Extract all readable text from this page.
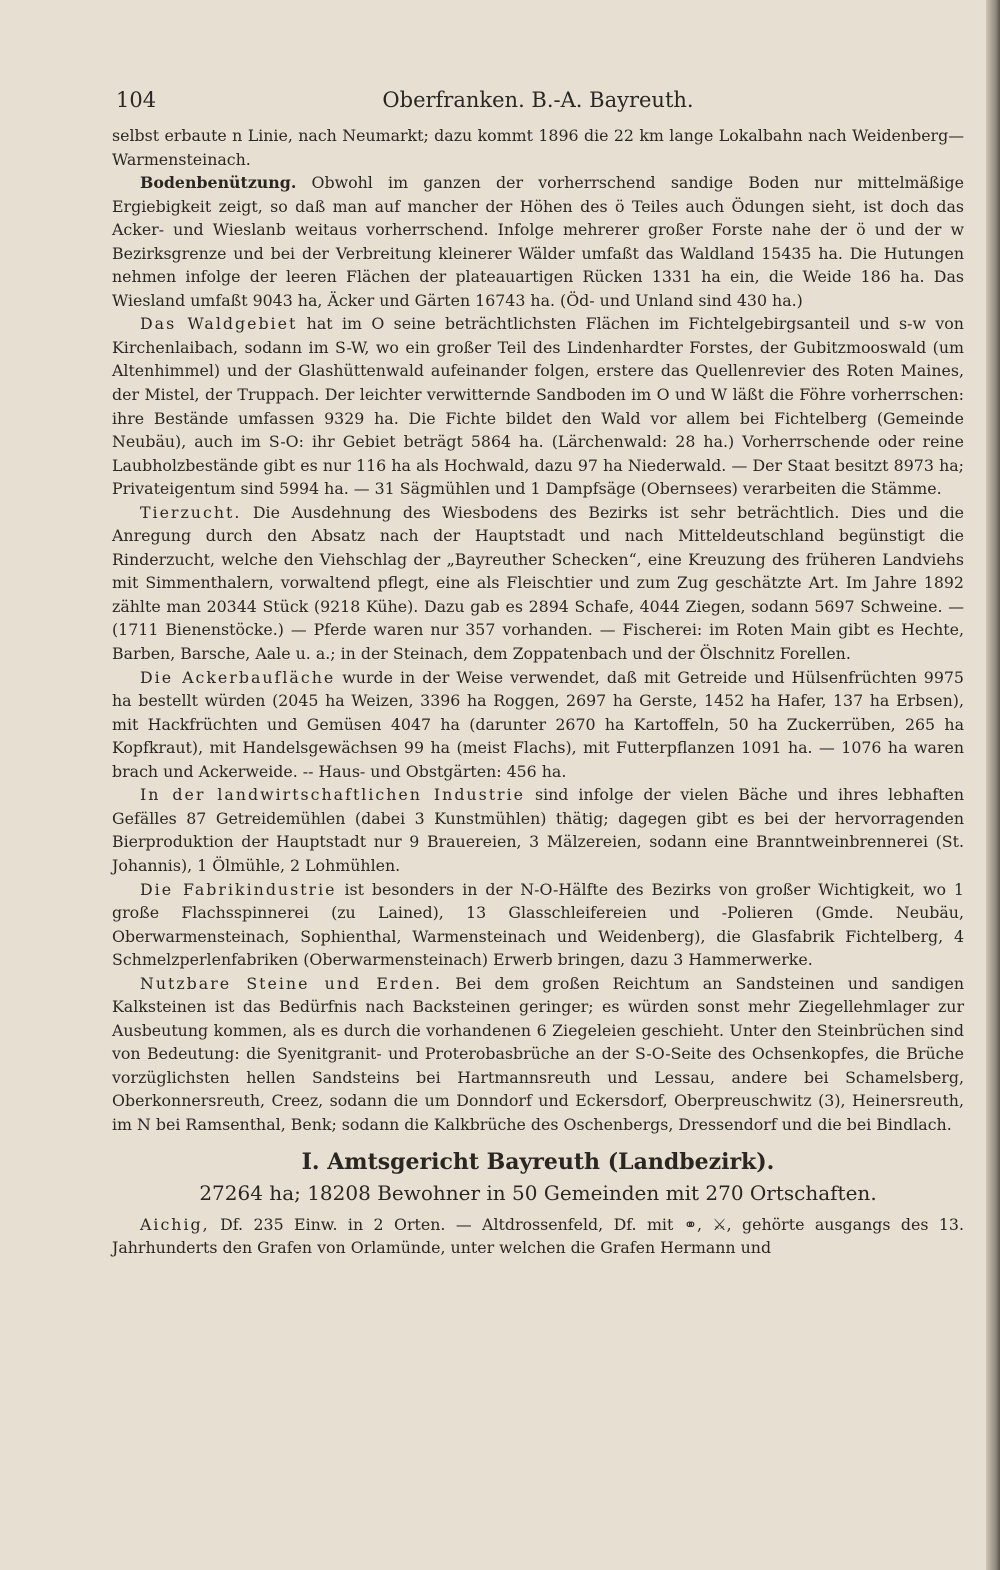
104	Oberfranken. B.-A. Bayreuth.

selbst erbaute n Linie, nach Neumarkt; dazu kommt 1896 die 22 km lange Lokalbahn nach Weidenberg—Warmensteinach.

Bodenbenützung. Obwohl im ganzen der vorherrschend sandige Boden nur mittelmäßige Ergiebigkeit zeigt, so daß man auf mancher der Höhen des ö Teiles auch Ödungen sieht, ist doch das Acker- und Wieslanb weitaus vorherrschend. Infolge mehrerer großer Forste nahe der ö und der w Bezirksgrenze und bei der Verbreitung kleinerer Wälder umfaßt das Waldland 15435 ha. Die Hutungen nehmen infolge der leeren Flächen der plateauartigen Rücken 1331 ha ein, die Weide 186 ha. Das Wiesland umfaßt 9043 ha, Äcker und Gärten 16743 ha. (Öd- und Unland sind 430 ha.)

Das Waldgebiet hat im O seine beträchtlichsten Flächen im Fichtelgebirgsanteil und s-w von Kirchenlaibach, sodann im S-W, wo ein großer Teil des Lindenhardter Forstes, der Gubitzmooswald (um Altenhimmel) und der Glashüttenwald aufeinander folgen, erstere das Quellenrevier des Roten Maines, der Mistel, der Truppach. Der leichter verwitternde Sandboden im O und W läßt die Föhre vorherrschen: ihre Bestände umfassen 9329 ha. Die Fichte bildet den Wald vor allem bei Fichtelberg (Gemeinde Neubäu), auch im S-O: ihr Gebiet beträgt 5864 ha. (Lärchenwald: 28 ha.) Vorherrschende oder reine Laubholzbestände gibt es nur 116 ha als Hochwald, dazu 97 ha Niederwald. — Der Staat besitzt 8973 ha; Privateigentum sind 5994 ha. — 31 Sägmühlen und 1 Dampfsäge (Obernsees) verarbeiten die Stämme.

Tierzucht. Die Ausdehnung des Wiesbodens des Bezirks ist sehr beträchtlich. Dies und die Anregung durch den Absatz nach der Hauptstadt und nach Mitteldeutschland begünstigt die Rinderzucht, welche den Viehschlag der „Bayreuther Schecken“, eine Kreuzung des früheren Landviehs mit Simmenthalern, vorwaltend pflegt, eine als Fleischtier und zum Zug geschätzte Art. Im Jahre 1892 zählte man 20344 Stück (9218 Kühe). Dazu gab es 2894 Schafe, 4044 Ziegen, sodann 5697 Schweine. — (1711 Bienenstöcke.) — Pferde waren nur 357 vorhanden. — Fischerei: im Roten Main gibt es Hechte, Barben, Barsche, Aale u. a.; in der Steinach, dem Zoppatenbach und der Ölschnitz Forellen.

Die Ackerbaufläche wurde in der Weise verwendet, daß mit Getreide und Hülsenfrüchten 9975 ha bestellt würden (2045 ha Weizen, 3396 ha Roggen, 2697 ha Gerste, 1452 ha Hafer, 137 ha Erbsen), mit Hackfrüchten und Gemüsen 4047 ha (darunter 2670 ha Kartoffeln, 50 ha Zuckerrüben, 265 ha Kopfkraut), mit Handelsgewächsen 99 ha (meist Flachs), mit Futterpflanzen 1091 ha. — 1076 ha waren brach und Ackerweide. -- Haus- und Obstgärten: 456 ha.

In der landwirtschaftlichen Industrie sind infolge der vielen Bäche und ihres lebhaften Gefälles 87 Getreidemühlen (dabei 3 Kunstmühlen) thätig; dagegen gibt es bei der hervorragenden Bierproduktion der Hauptstadt nur 9 Brauereien, 3 Mälzereien, sodann eine Branntweinbrennerei (St. Johannis), 1 Ölmühle, 2 Lohmühlen.

Die Fabrikindustrie ist besonders in der N-O-Hälfte des Bezirks von großer Wichtigkeit, wo 1 große Flachsspinnerei (zu Lained), 13 Glasschleifereien und -Polieren (Gmde. Neubäu, Oberwarmensteinach, Sophienthal, Warmensteinach und Weidenberg), die Glasfabrik Fichtelberg, 4 Schmelzperlenfabriken (Oberwarmensteinach) Erwerb bringen, dazu 3 Hammerwerke.

Nutzbare Steine und Erden. Bei dem großen Reichtum an Sandsteinen und sandigen Kalksteinen ist das Bedürfnis nach Backsteinen geringer; es würden sonst mehr Ziegellehmlager zur Ausbeutung kommen, als es durch die vorhandenen 6 Ziegeleien geschieht. Unter den Steinbrüchen sind von Bedeutung: die Syenitgranit- und Proterobasbrüche an der S-O-Seite des Ochsenkopfes, die Brüche vorzüglichsten hellen Sandsteins bei Hartmannsreuth und Lessau, andere bei Schamelsberg, Oberkonnersreuth, Creez, sodann die um Donndorf und Eckersdorf, Oberpreuschwitz (3), Heinersreuth, im N bei Ramsenthal, Benk; sodann die Kalkbrüche des Oschenbergs, Dressendorf und die bei Bindlach.

I. Amtsgericht Bayreuth (Landbezirk).
27264 ha; 18208 Bewohner in 50 Gemeinden mit 270 Ortschaften.

Aichig, Df. 235 Einw. in 2 Orten. — Altdrossenfeld, Df. mit ⚭, ⚔, gehörte ausgangs des 13. Jahrhunderts den Grafen von Orlamünde, unter welchen die Grafen Hermann und
